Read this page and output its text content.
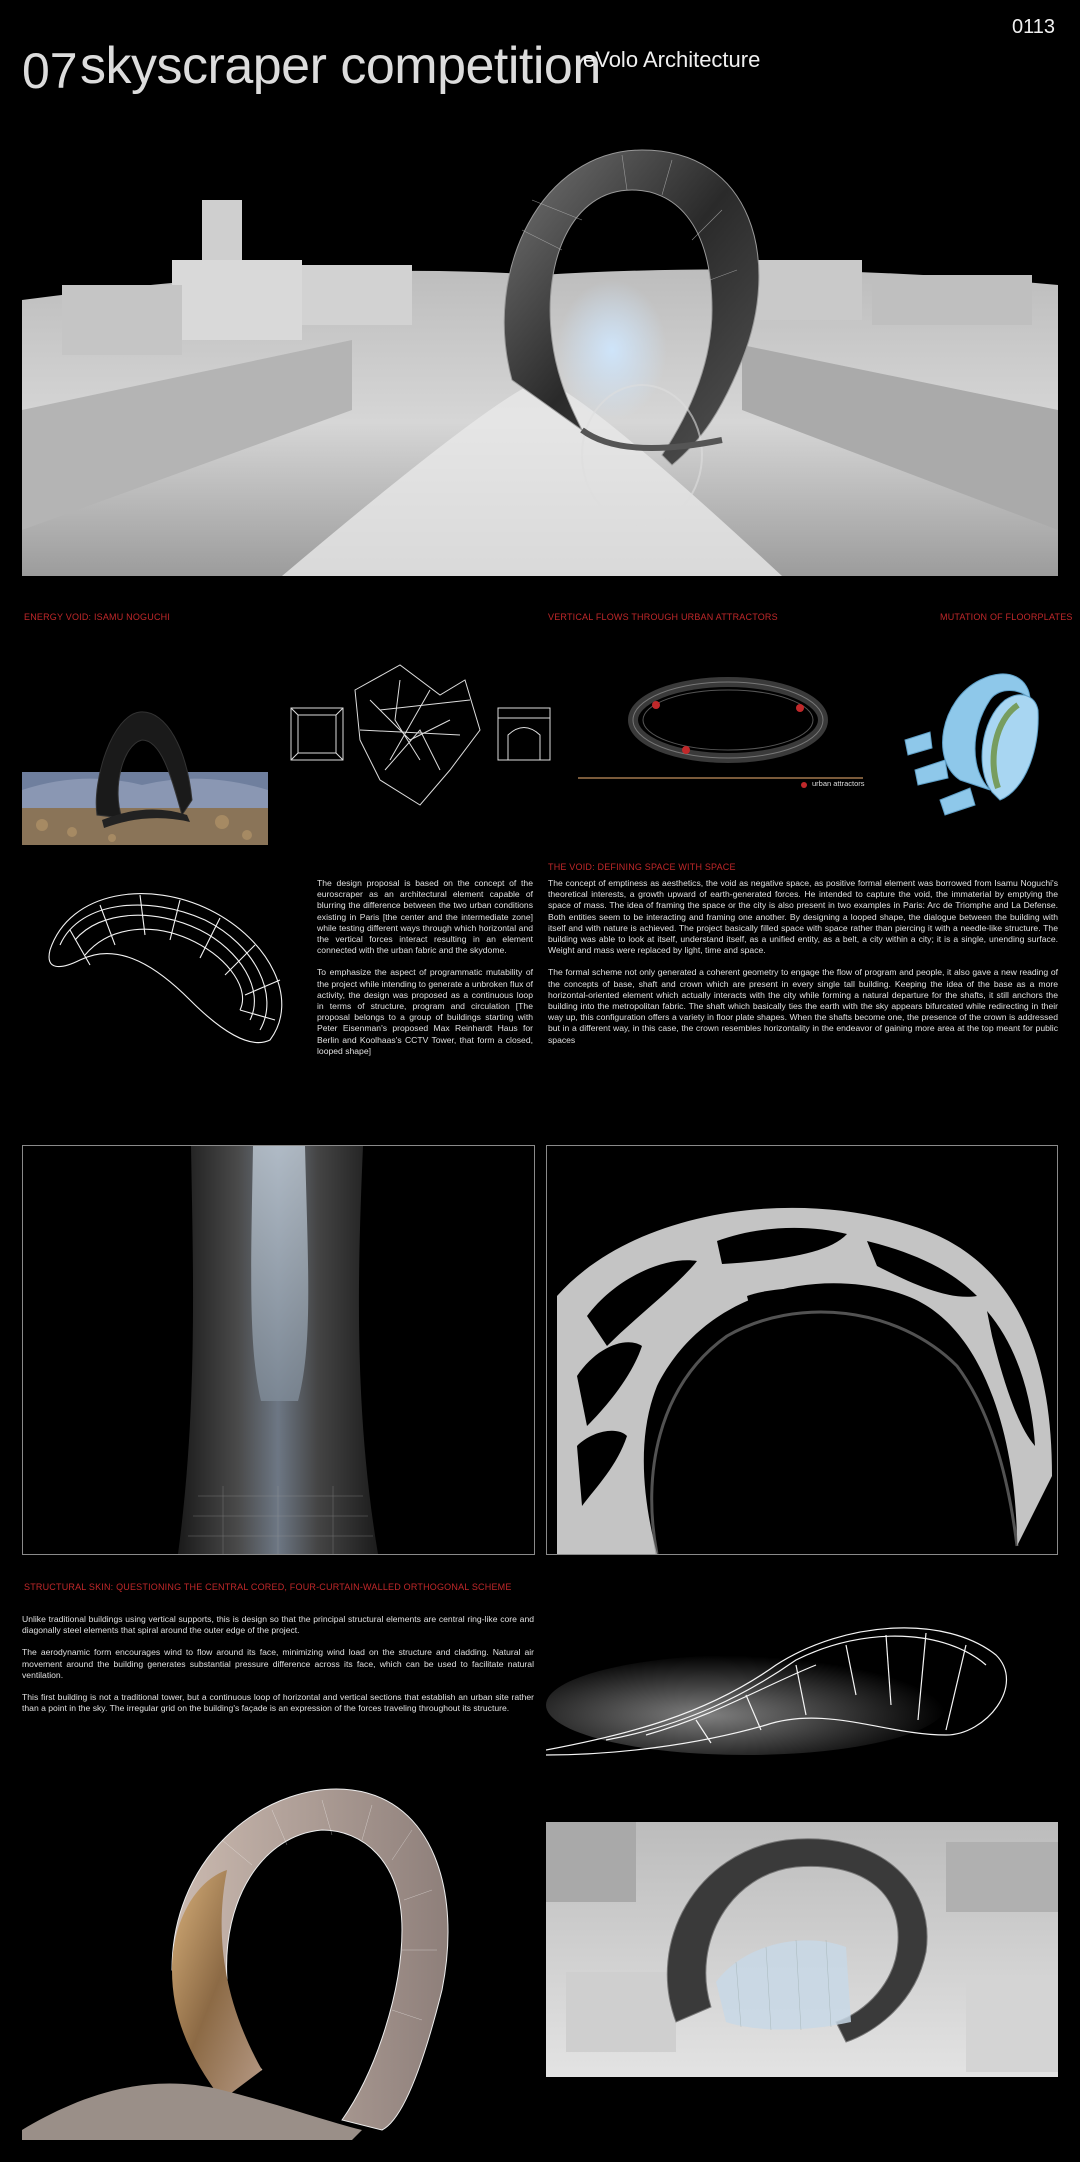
07 skyscraper competition
eVolo Architecture
0113
ENERGY VOID: ISAMU NOGUCHI	VERTICAL FLOWS THROUGH URBAN ATTRACTORS	MUTATION OF FLOORPLATES
urban attractors

The design proposal is based on the concept of the euroscraper as an architectural element capable of blurring the difference between the two urban conditions existing in Paris [the center and the intermediate zone] while testing different ways through which horizontal and the vertical forces interact resulting in an element connected with the urban fabric and the skydome.

To emphasize the aspect of programmatic mutability of the project while intending to generate a unbroken flux of activity, the design was proposed as a continuous loop in terms of structure, program and circulation [The proposal belongs to a group of buildings starting with Peter Eisenman's proposed Max Reinhardt Haus for Berlin and Koolhaas's CCTV Tower, that form a closed, looped shape]

THE VOID: DEFINING SPACE WITH SPACE

The concept of emptiness as aesthetics, the void as negative space, as positive formal element was borrowed from Isamu Noguchi's theoretical interests, a growth upward of earth-generated forces. He intended to capture the void, the immaterial by emptying the space of mass. The idea of framing the space or the city is also present in two examples in Paris: Arc de Triomphe and La Defense. Both entities seem to be interacting and framing one another. By designing a looped shape, the dialogue between the building with itself and with nature is achieved. The project basically filled space with space rather than piercing it with a needle-like structure. The building was able to look at itself, understand itself, as a unified entity, as a belt, a city within a city; it is a single, unending surface. Weight and mass were replaced by light, time and space.

The formal scheme not only generated a coherent geometry to engage the flow of program and people, it also gave a new reading of the concepts of base, shaft and crown which are present in every single tall building. Keeping the idea of the base as a more horizontal-oriented element which actually interacts with the city while forming a natural departure for the shafts, it still anchors the building into the metropolitan fabric. The shaft which basically ties the earth with the sky appears bifurcated while redirecting in their way up, this configuration offers a variety in floor plate shapes. When the shafts become one, the presence of the crown is addressed but in a different way, in this case, the crown resembles horizontality in the endeavor of gaining more area at the top meant for public spaces

STRUCTURAL SKIN: QUESTIONING THE CENTRAL CORED, FOUR-CURTAIN-WALLED ORTHOGONAL SCHEME

Unlike traditional buildings using vertical supports, this is design so that the principal structural elements are central ring-like core and diagonally steel elements that spiral around the outer edge of the project.

The aerodynamic form encourages wind to flow around its face, minimizing wind load on the structure and cladding. Natural air movement around the building generates substantial pressure difference across its face, which can be used to facilitate natural ventilation.

This first building is not a traditional tower, but a continuous loop of horizontal and vertical sections that establish an urban site rather than a point in the sky. The irregular grid on the building's façade is an expression of the forces traveling throughout its structure.
